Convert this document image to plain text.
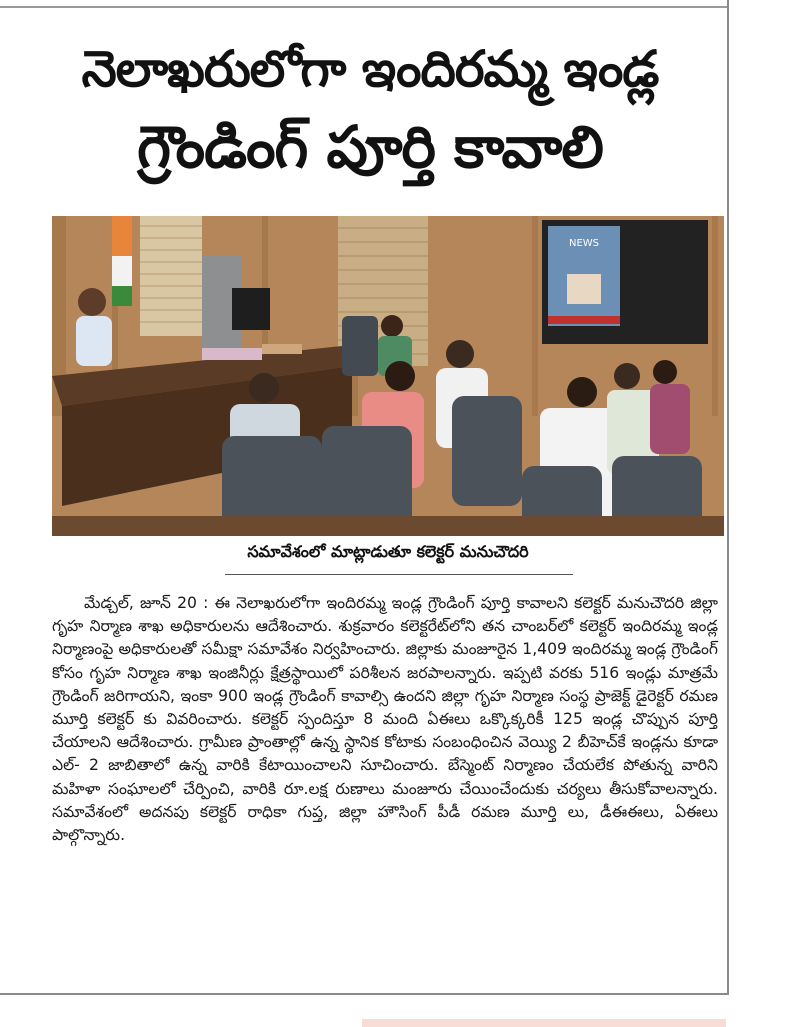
నెలాఖరులోగా ఇందిరమ్మ ఇండ్ల
గ్రౌండింగ్ పూర్తి కావాలి
NEWS
సమావేశంలో మాట్లాడుతూ కలెక్టర్ మనుచౌదరి
మేడ్చల్, జూన్ 20 : ఈ నెలాఖరులోగా ఇందిరమ్మ ఇండ్ల గ్రౌండింగ్ పూర్తి కావాలని కలెక్టర్ మనుచౌదరి జిల్లా గృహ నిర్మాణ శాఖ అధికారులను ఆదేశించారు. శుక్రవారం కలెక్టరేట్‌లోని తన చాంబర్‌లో కలెక్టర్ ఇందిరమ్మ ఇండ్ల నిర్మాణంపై అధికారులతో సమీక్షా సమావేశం నిర్వహించారు. జిల్లాకు మంజూరైన 1,409 ఇందిరమ్మ ఇండ్ల గ్రౌండింగ్ కోసం గృహ నిర్మాణ శాఖ ఇంజినీర్లు క్షేత్రస్థాయిలో పరిశీలన జరపాలన్నారు. ఇప్పటి వరకు 516 ఇండ్లు మాత్రమే గ్రౌండింగ్ జరిగాయని, ఇంకా 900 ఇండ్ల గ్రౌండింగ్ కావాల్సి ఉందని జిల్లా గృహ నిర్మాణ సంస్థ ప్రాజెక్ట్ డైరెక్టర్ రమణ మూర్తి కలెక్టర్ కు వివరించారు. కలెక్టర్ స్పందిస్తూ 8 మంది ఏఈలు ఒక్కొక్కరికీ 125 ఇండ్ల చొప్పున పూర్తి చేయాలని ఆదేశించారు. గ్రామీణ ప్రాంతాల్లో ఉన్న స్థానిక కోటాకు సంబంధించిన వెయ్యి 2 బీహెచ్‌కే ఇండ్లను కూడా ఎల్- 2 జాబితాలో ఉన్న వారికి కేటాయించాలని సూచించారు. బేస్మెంట్ నిర్మాణం చేయలేక పోతున్న వారిని మహిళా సంఘాలలో చేర్పించి, వారికి రూ.లక్ష రుణాలు మంజూరు చేయించేందుకు చర్యలు తీసుకోవాలన్నారు. సమావేశంలో అదనపు కలెక్టర్ రాధికా గుప్త, జిల్లా హౌసింగ్ పీడీ రమణ మూర్తి లు, డీఈఈలు, ఏఈలు పాల్గొన్నారు.
